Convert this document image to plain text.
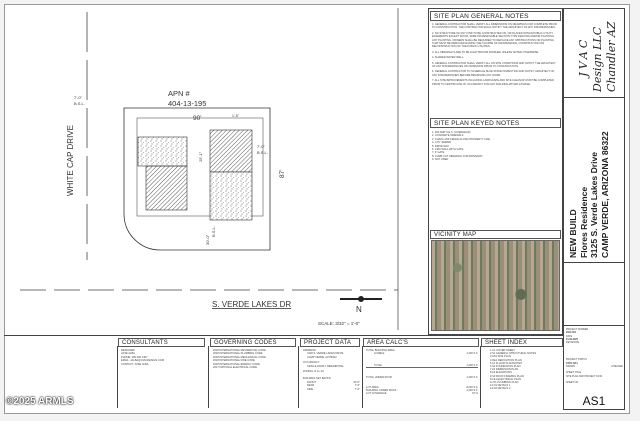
WHITE CAP DRIVE
S. VERDE LAKES DR
APN #
404-13-195
90'	1'-5"
87'
7'-0"
B.S.L.
7'-0"
B.S.L.
30'-0"
B.S.L.
25'-1"
N
SCALE: 3/32" = 1'-0"
SITE PLAN GENERAL NOTES

1. GENERAL CONTRACTOR SHALL VERIFY ALL DIMENSIONS ON DRAWINGS FOR COMPLETE PRIOR TO CONSTRUCTION. THE CONTRACTOR SHALL NOTIFY THE ARCHITECT OF ANY DISCREPANCIES.

2. NO STRUCTURE OF ANY KIND TO BE CONSTRUCTED ON, OR PLACED WITHIN PUBLIC UTILITY EASEMENTS EXCEPT WOOD, WIRE OR REMOVABLE SECTION TYPE FENCING AND/OR PLANTING ANY PLANTING. OWNERS SHALL BE REQUIRED TO REPLACE ANY OBSTRUCTIONS OR PLANTING THAT MUST BE REMOVED DURING THE COURSE OF MAINTENANCE, CONSTRUCTION OR RECONSTRUCTION OF THE PUBLIC UTILITIES.

3. ALL SIDEWALKS ARE TO BE LIGHT BROOM FINISHED UNLESS NOTED OTHERWISE.

4. SHARED WATER WELL.

5. GENERAL CONTRACTOR SHALL VERIFY ALL ON SITE CONDITIONS AND NOTIFY THE ARCHITECT OF ANY DISCREPANCIES OR OMISSIONS PRIOR TO CONSTRUCTION.

6. GENERAL CONTRACTOR TO SCHEDULE BLUE STAKE INSPECTION AND NOTIFY ARCHITECT OF ANY DISCREPANCIES BEFORE BEGINNING ANY WORK.

7. ALL SITE IMPROVEMENTS INCLUDING LANDSCAPE AND SITE CLEANUP, MUST BE COMPLETED PRIOR TO CERTIFICATE OF OCCUPANCY FOR ANY BUILDING WITHIN A PHASE.

SITE PLAN KEYED NOTES
1. 200 AMP S.E.S. (OVERHEAD)
2. CONCRETE SIDEWALK
3. CHAIN LINK FENCE ALONG PROPERTY LINE
4. CITY SEWER
5. DRIVE WAY
6. CMU WALL WITH GATE
7. 6' GATE
8. CURB CUT SIDEWALK FOR DRIVEWAY
9. NOT USED
VICINITY MAP
JVAC Design LLC Chandler AZ
NEW BUILD Flores Residence 3125 S. Verde Lakes Drive CAMP VERDE, ARIZONA 86322
PROJECT NUMBER
2024-001
DATE
01.09.2025
REVISIONS
PROJECT STATUS
100% CD's
DRAWN	CHECKED
SHEET TITLE
SITE PLAN AND PROJECT DATA
SHEET NO.
AS1
CONSULTANTS
DESIGNER:
JOSE ALBA
PHONE: 480.000.1407
EMAIL: JALBA@JVACDESIGN.COM
CONTACT: JOSE ALBA
GOVERNING CODES
2018 INTERNATIONAL RESIDENTIAL CODE
2018 INTERNATIONAL PLUMBING CODE
2018 INTERNATIONAL MECHANICAL CODE
2018 INTERNATIONAL FIRE CODE
2018 INTERNATIONAL ENERGY CODE
2017 NATIONAL ELECTRICAL CODE
PROJECT DATA
ADDRESS:
3125 S. VERDE LAKES DRIVE
CAMP VERDE, AZ 86322
OCCUPANCY:
SINGLE FAMILY RESIDENTIAL
ZONING: R 1L-10
BUILDING SET BACKS:
FRONT	30'-0"
REAR	7'-0"
SIDE	7'-0"
AREA CALC'S
TOTAL BUILDING AREA
LIVABLE	1,200 S.F.
TOTAL	1,200 S.F.
TOTAL UNDER ROOF	1,200 S.F.
LOT AREA	8,000 S.F.
BUILDING UNDER ROOF	1,200 S.F.
LOT COVERAGE	15 %
SHEET INDEX
1 C1 COVER SHEET
2 S1 GENERAL STRUCTURAL NOTES
3 AS1 SITE PLAN
4 DE1 DEMOLITION PLAN
5 A1 FLOOR PLAN/NOTES
6 S2 FOUNDATION PLAN
7 A2 DIMENSION PLAN
8 A3 ELEVATIONS
9 S3 ROOF FRAMING PLAN
10 E1 ELECTRICAL PLAN
11 P1 PLUMBING PLAN
12 D1 DETAILS 1
13 D2 DETAILS 2
©2025 ARMLS
